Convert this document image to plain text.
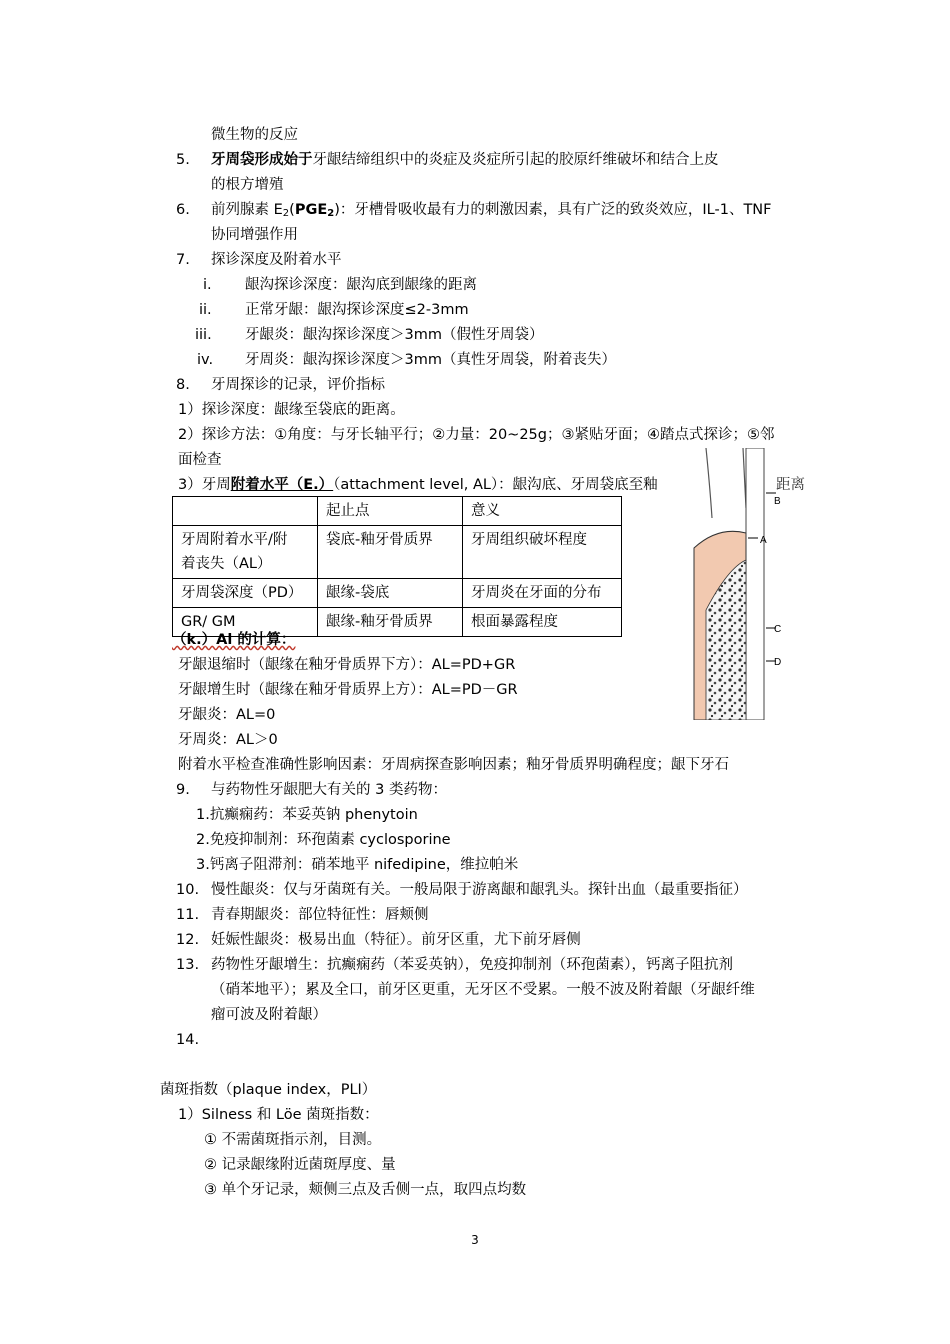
微生物的反应
5. 牙周袋形成始于牙龈结缔组织中的炎症及炎症所引起的胶原纤维破坏和结合上皮
的根方增殖
6. 前列腺素 $E_2(PGE_2)$：牙槽骨吸收最有力的刺激因素，具有广泛的致炎效应，IL-1、TNF
协同增强作用
7. 探诊深度及附着水平
i. 龈沟探诊深度：龈沟底到龈缘的距离
ii. 正常牙龈：龈沟探诊深度≤2-3mm
iii. 牙龈炎：龈沟探诊深度＞3mm（假性牙周袋）
iv. 牙周炎：龈沟探诊深度＞3mm（真性牙周袋，附着丧失）
8. 牙周探诊的记录，评价指标
1）探诊深度：龈缘至袋底的距离。
2）探诊方法：①角度：与牙长轴平行；②力量：20~25g；③紧贴牙面；④踏点式探诊；⑤邻
面检查
3）牙周附着水平（E.）（attachment level, AL）：龈沟底、牙周袋底至釉	距离
	起止点	意义
牙周附着水平/附
着丧失（AL）	袋底-釉牙骨质界	牙周组织破坏程度
牙周袋深度（PD）	龈缘-袋底	牙周炎在牙面的分布
GR/ GM	龈缘-釉牙骨质界	根面暴露程度
A
B
C
D
（k.）Al 的计算：
牙龈退缩时（龈缘在釉牙骨质界下方）：AL=PD+GR
牙龈增生时（龈缘在釉牙骨质界上方）：AL=PD－GR
牙龈炎：AL=0
牙周炎：AL＞0
附着水平检查准确性影响因素：牙周病探查影响因素；釉牙骨质界明确程度；龈下牙石
9. 与药物性牙龈肥大有关的 3 类药物：
1.抗癫痫药：苯妥英钠 phenytoin
2.免疫抑制剂：环孢菌素 cyclosporine
3.钙离子阻滞剂：硝苯地平 nifedipine，维拉帕米
10. 慢性龈炎：仅与牙菌斑有关。一般局限于游离龈和龈乳头。探针出血（最重要指征）
11. 青春期龈炎：部位特征性：唇颊侧
12. 妊娠性龈炎：极易出血（特征）。前牙区重，尤下前牙唇侧
13. 药物性牙龈增生：抗癫痫药（苯妥英钠），免疫抑制剂（环孢菌素），钙离子阻抗剂
（硝苯地平）；累及全口，前牙区更重，无牙区不受累。一般不波及附着龈（牙龈纤维
瘤可波及附着龈）
14.
菌斑指数（plaque index，PLI）
1）Silness 和 Löe 菌斑指数：
① 不需菌斑指示剂，目测。
② 记录龈缘附近菌斑厚度、量
③ 单个牙记录，颊侧三点及舌侧一点，取四点均数
3
